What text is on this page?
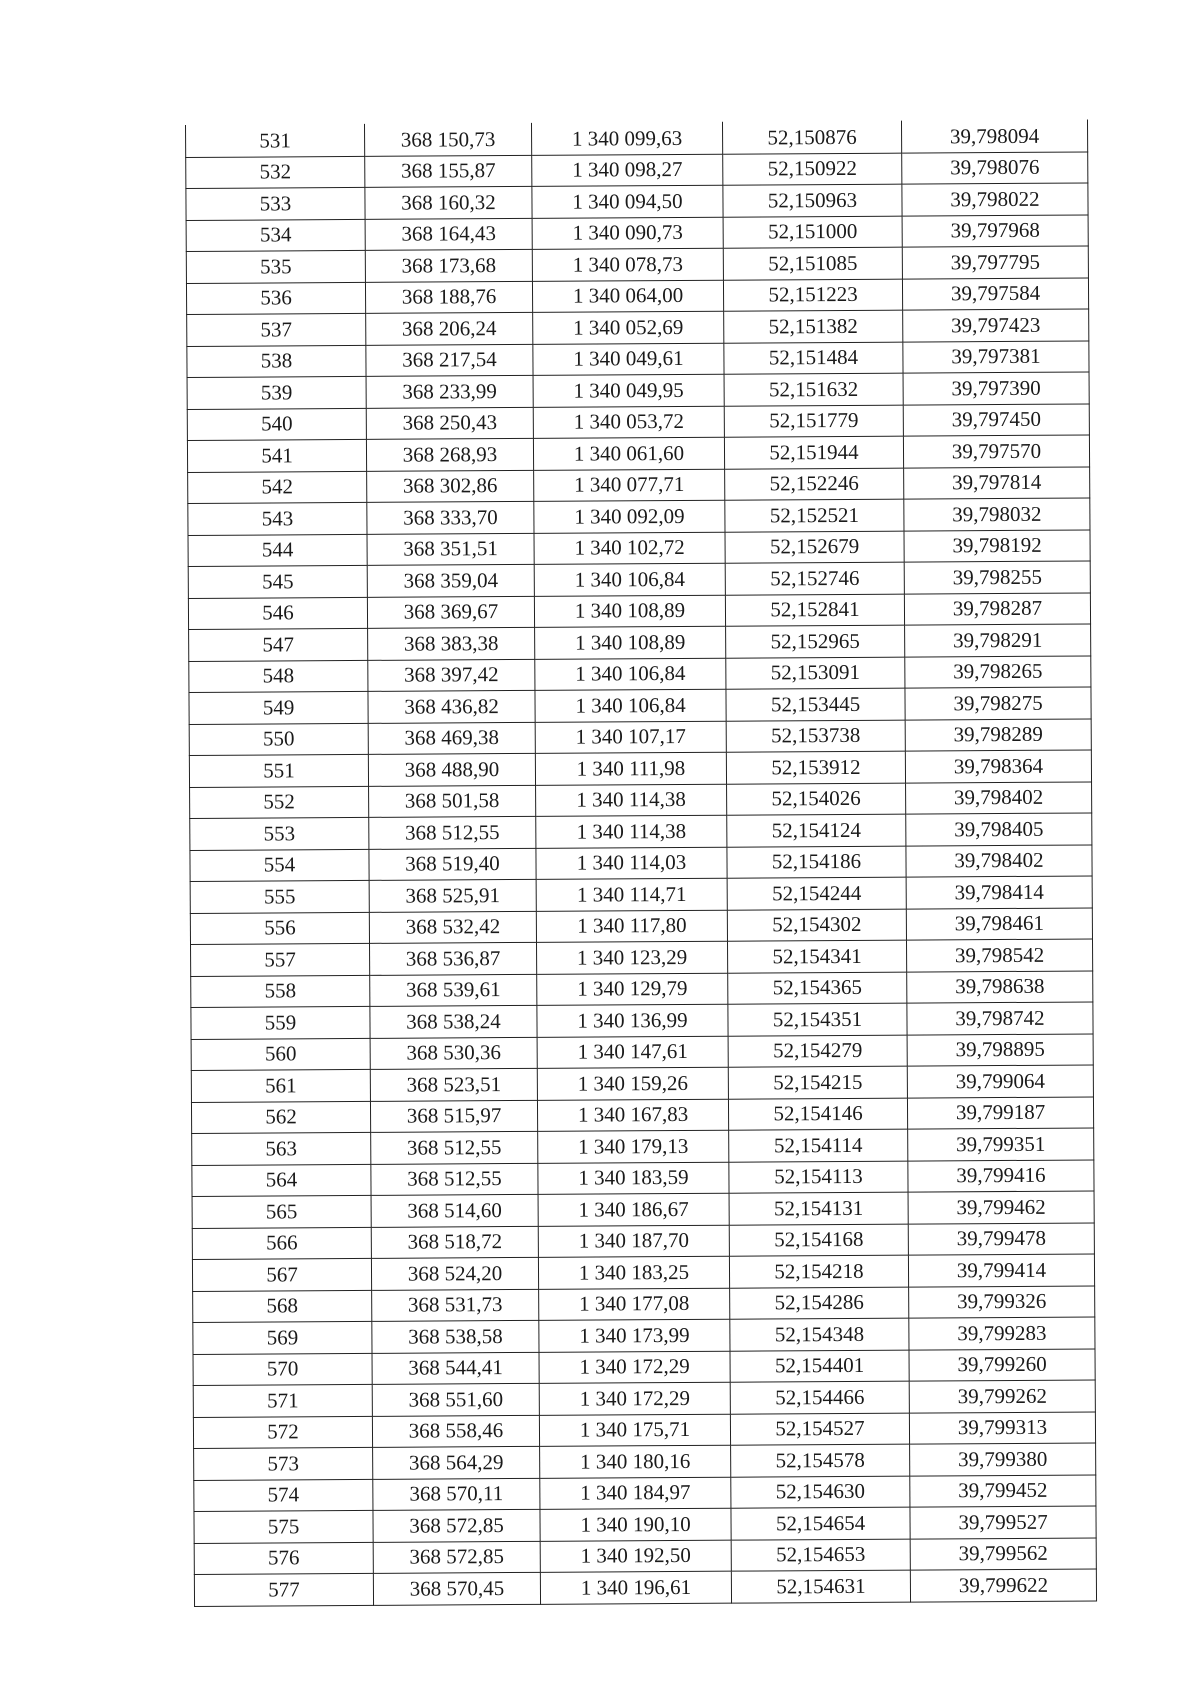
531	368 150,73	1 340 099,63	52,150876	39,798094
532	368 155,87	1 340 098,27	52,150922	39,798076
533	368 160,32	1 340 094,50	52,150963	39,798022
534	368 164,43	1 340 090,73	52,151000	39,797968
535	368 173,68	1 340 078,73	52,151085	39,797795
536	368 188,76	1 340 064,00	52,151223	39,797584
537	368 206,24	1 340 052,69	52,151382	39,797423
538	368 217,54	1 340 049,61	52,151484	39,797381
539	368 233,99	1 340 049,95	52,151632	39,797390
540	368 250,43	1 340 053,72	52,151779	39,797450
541	368 268,93	1 340 061,60	52,151944	39,797570
542	368 302,86	1 340 077,71	52,152246	39,797814
543	368 333,70	1 340 092,09	52,152521	39,798032
544	368 351,51	1 340 102,72	52,152679	39,798192
545	368 359,04	1 340 106,84	52,152746	39,798255
546	368 369,67	1 340 108,89	52,152841	39,798287
547	368 383,38	1 340 108,89	52,152965	39,798291
548	368 397,42	1 340 106,84	52,153091	39,798265
549	368 436,82	1 340 106,84	52,153445	39,798275
550	368 469,38	1 340 107,17	52,153738	39,798289
551	368 488,90	1 340 111,98	52,153912	39,798364
552	368 501,58	1 340 114,38	52,154026	39,798402
553	368 512,55	1 340 114,38	52,154124	39,798405
554	368 519,40	1 340 114,03	52,154186	39,798402
555	368 525,91	1 340 114,71	52,154244	39,798414
556	368 532,42	1 340 117,80	52,154302	39,798461
557	368 536,87	1 340 123,29	52,154341	39,798542
558	368 539,61	1 340 129,79	52,154365	39,798638
559	368 538,24	1 340 136,99	52,154351	39,798742
560	368 530,36	1 340 147,61	52,154279	39,798895
561	368 523,51	1 340 159,26	52,154215	39,799064
562	368 515,97	1 340 167,83	52,154146	39,799187
563	368 512,55	1 340 179,13	52,154114	39,799351
564	368 512,55	1 340 183,59	52,154113	39,799416
565	368 514,60	1 340 186,67	52,154131	39,799462
566	368 518,72	1 340 187,70	52,154168	39,799478
567	368 524,20	1 340 183,25	52,154218	39,799414
568	368 531,73	1 340 177,08	52,154286	39,799326
569	368 538,58	1 340 173,99	52,154348	39,799283
570	368 544,41	1 340 172,29	52,154401	39,799260
571	368 551,60	1 340 172,29	52,154466	39,799262
572	368 558,46	1 340 175,71	52,154527	39,799313
573	368 564,29	1 340 180,16	52,154578	39,799380
574	368 570,11	1 340 184,97	52,154630	39,799452
575	368 572,85	1 340 190,10	52,154654	39,799527
576	368 572,85	1 340 192,50	52,154653	39,799562
577	368 570,45	1 340 196,61	52,154631	39,799622
